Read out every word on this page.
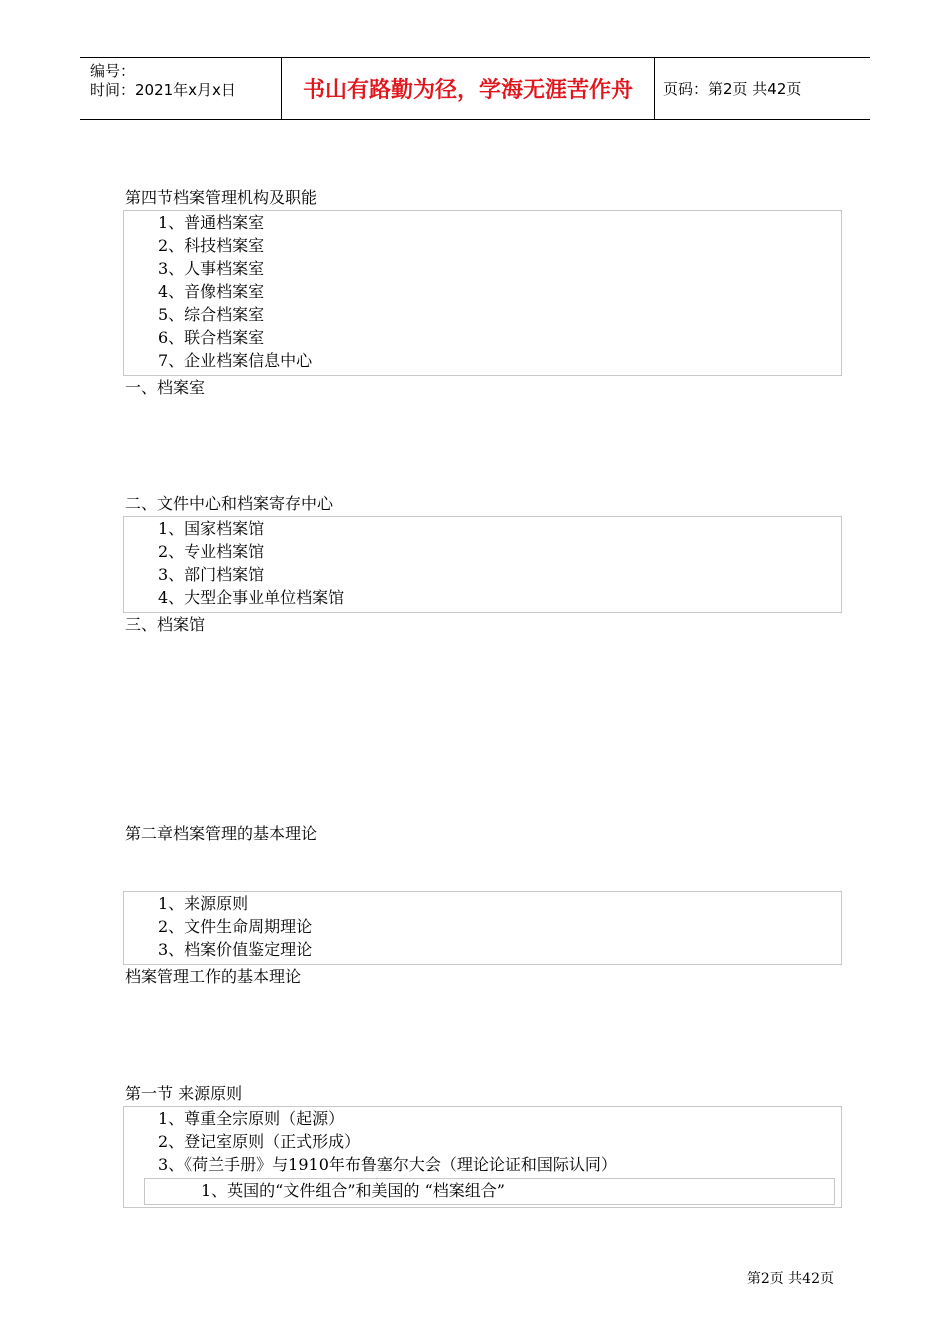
编号：
时间：2021年x月x日	书山有路勤为径，学海无涯苦作舟	页码：第2页 共42页
第四节档案管理机构及职能
1、普通档案室
2、科技档案室
3、人事档案室
4、音像档案室
5、综合档案室
6、联合档案室
7、企业档案信息中心
一、档案室
二、文件中心和档案寄存中心
1、国家档案馆
2、专业档案馆
3、部门档案馆
4、大型企事业单位档案馆
三、档案馆
第二章档案管理的基本理论
1、来源原则
2、文件生命周期理论
3、档案价值鉴定理论
档案管理工作的基本理论
第一节 来源原则
1、尊重全宗原则（起源）
2、登记室原则（正式形成）
3、《荷兰手册》与1910年布鲁塞尔大会（理论论证和国际认同）
1、英国的“文件组合”和美国的 “档案组合”
第2页 共42页
